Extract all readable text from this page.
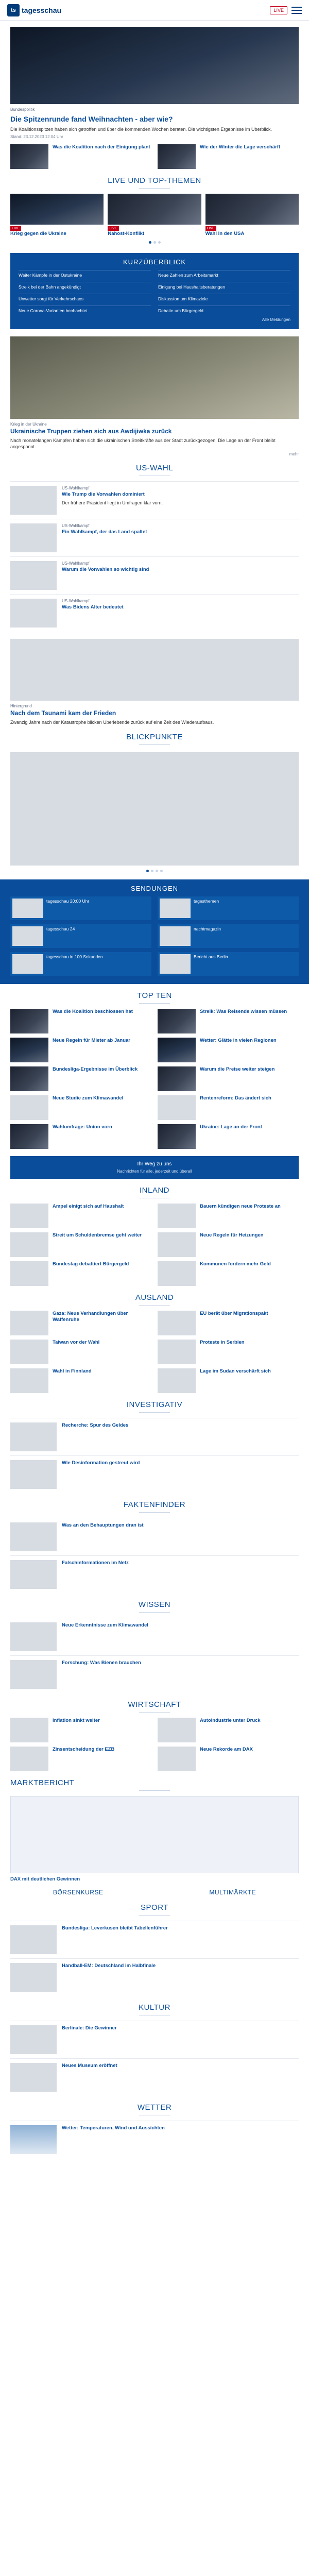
ts tagesschau	LIVE
Bundespolitik
Die Spitzenrunde fand Weihnachten - aber wie?
Die Koalitionsspitzen haben sich getroffen und über die kommenden Wochen beraten. Die wichtigsten Ergebnisse im Überblick.
Stand: 23.12.2023 12:04 Uhr
Was die Koalition nach der Einigung plant	Wie der Winter die Lage verschärft
LIVE UND TOP-THEMEN
LIVE
Krieg gegen die Ukraine
LIVE
Nahost-Konflikt
LIVE
Wahl in den USA
KURZÜBERBLICK
Weiter Kämpfe in der Ostukraine	Neue Zahlen zum Arbeitsmarkt
Streik bei der Bahn angekündigt	Einigung bei Haushaltsberatungen
Unwetter sorgt für Verkehrschaos	Diskussion um Klimaziele
Neue Corona-Varianten beobachtet	Debatte um Bürgergeld
Alle Meldungen
Krieg in der Ukraine
Ukrainische Truppen ziehen sich aus Awdijiwka zurück
Nach monatelangen Kämpfen haben sich die ukrainischen Streitkräfte aus der Stadt zurückgezogen. Die Lage an der Front bleibt angespannt.
mehr
US-WAHL
US-Wahlkampf
Wie Trump die Vorwahlen dominiert
Der frühere Präsident liegt in Umfragen klar vorn.
US-Wahlkampf
Ein Wahlkampf, der das Land spaltet
US-Wahlkampf
Warum die Vorwahlen so wichtig sind
US-Wahlkampf
Was Bidens Alter bedeutet
Hintergrund
Nach dem Tsunami kam der Frieden
Zwanzig Jahre nach der Katastrophe blicken Überlebende zurück auf eine Zeit des Wiederaufbaus.
BLICKPUNKTE
SENDUNGEN
tagesschau 20:00 Uhr	tagesthemen
tagesschau 24	nachtmagazin
tagesschau in 100 Sekunden	Bericht aus Berlin
TOP TEN
Was die Koalition beschlossen hat	Streik: Was Reisende wissen müssen
Neue Regeln für Mieter ab Januar	Wetter: Glätte in vielen Regionen
Bundesliga-Ergebnisse im Überblick	Warum die Preise weiter steigen
Neue Studie zum Klimawandel	Rentenreform: Das ändert sich
Wahlumfrage: Union vorn	Ukraine: Lage an der Front
Ihr Weg zu uns
Nachrichten für alle, jederzeit und überall
INLAND
Ampel einigt sich auf Haushalt	Bauern kündigen neue Proteste an
Streit um Schuldenbremse geht weiter	Neue Regeln für Heizungen
Bundestag debattiert Bürgergeld	Kommunen fordern mehr Geld
AUSLAND
Gaza: Neue Verhandlungen über Waffenruhe
EU berät über Migrationspakt
Taiwan vor der Wahl	Proteste in Serbien
Wahl in Finnland	Lage im Sudan verschärft sich
INVESTIGATIV
Recherche: Spur des Geldes
Wie Desinformation gestreut wird
FAKTENFINDER
Was an den Behauptungen dran ist
Falschinformationen im Netz
WISSEN
Neue Erkenntnisse zum Klimawandel
Forschung: Was Bienen brauchen
WIRTSCHAFT
Inflation sinkt weiter	Autoindustrie unter Druck
Zinsentscheidung der EZB	Neue Rekorde am DAX
MARKTBERICHT
DAX mit deutlichen Gewinnen
BÖRSENKURSE	MULTIMÄRKTE
SPORT
Bundesliga: Leverkusen bleibt Tabellenführer
Handball-EM: Deutschland im Halbfinale
KULTUR
Berlinale: Die Gewinner
Neues Museum eröffnet
WETTER
Wetter: Temperaturen, Wind und Aussichten
